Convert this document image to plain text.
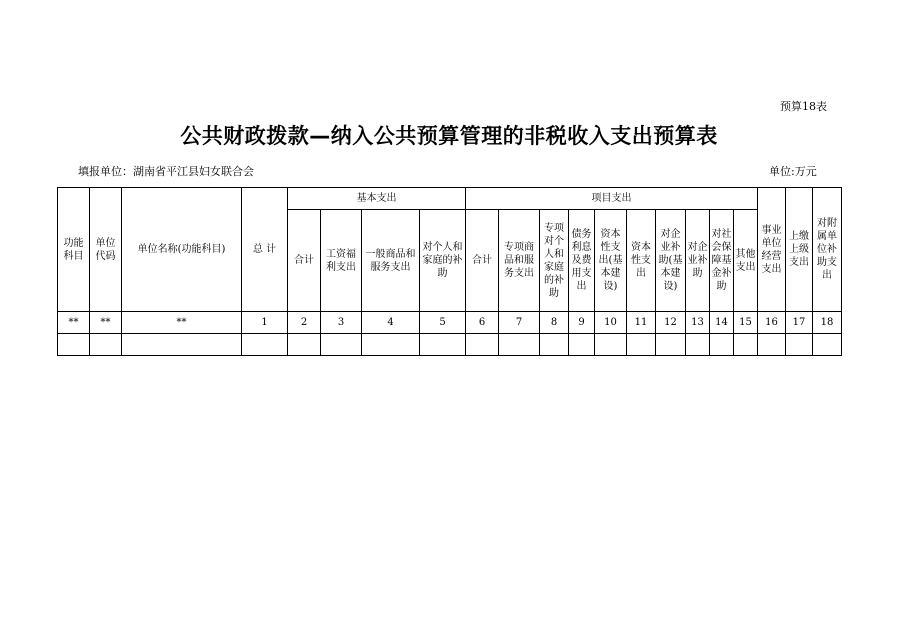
预算18表
公共财政拨款—纳入公共预算管理的非税收入支出预算表
填报单位：湖南省平江县妇女联合会	单位:万元
功能科目	单位代码	单位名称(功能科目)	总 计	基本支出				项目支出										事业单位经营支出	上缴上级支出	对附属单位补助支出
				合计	工资福利支出	一般商品和服务支出	对个人和家庭的补助	合计	专项商品和服务支出	专项对个人和家庭的补助	债务利息及费用支出	资本性支出(基本建设)	资本性支出	对企业补助(基本建设)	对企业补助	对社会保障基金补助	其他支出			
**	**	**	1	2	3	4	5	6	7	8	9	10	11	12	13	14	15	16	17	18
